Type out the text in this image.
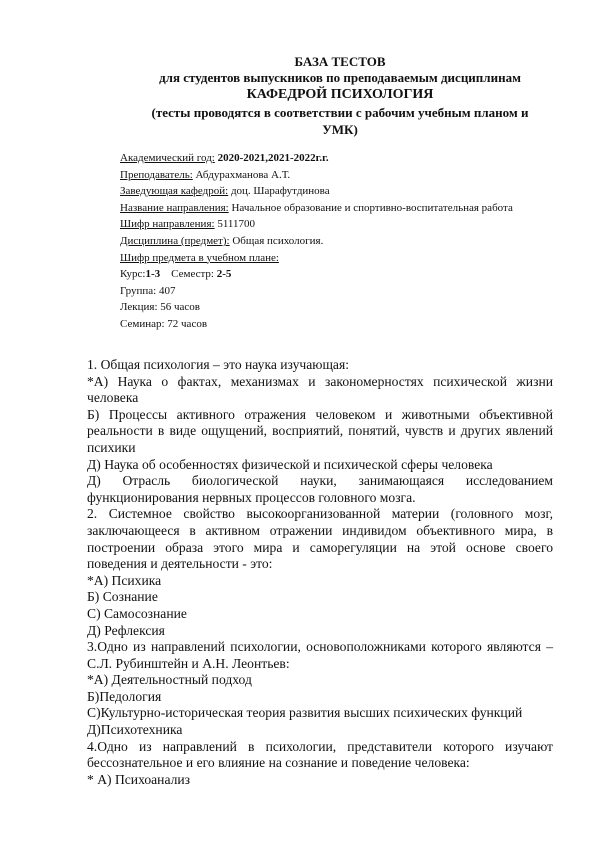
БАЗА ТЕСТОВ
для студентов выпускников по преподаваемым дисциплинам
КАФЕДРОЙ ПСИХОЛОГИЯ
(тесты проводятся в соответствии с рабочим учебным планом и
УМК)
Академический год: 2020-2021,2021-2022г.г.
Преподаватель: Абдурахманова А.Т.
Заведующая кафедрой: доц. Шарафутдинова
Название направления: Начальное образование и спортивно-воспитательная работа
Шифр направления: 5111700
Дисциплина (предмет): Общая психология.
Шифр предмета в учебном плане:
Курс:1-3 Семестр: 2-5
Группа: 407
Лекция: 56 часов
Семинар: 72 часов

1. Общая психология – это наука изучающая:

*А) Наука о фактах, механизмах и закономерностях психической жизни человека

Б) Процессы активного отражения человеком и животными объективной реальности в виде ощущений, восприятий, понятий, чувств и других явлений психики

Д) Наука об особенностях физической и психической сферы человека

Д) Отрасль биологической науки, занимающаяся исследованием функционирования нервных процессов головного мозга.

2. Системное свойство высокоорганизованной материи (головного мозг, заключающееся в активном отражении индивидом объективного мира, в построении образа этого мира и саморегуляции на этой основе своего поведения и деятельности - это:

*А) Психика

Б) Сознание

С) Самосознание

Д) Рефлексия

3.Одно из направлений психологии, основоположниками которого являются – С.Л. Рубинштейн и А.Н. Леонтьев:

*А) Деятельностный подход

Б)Педология

С)Культурно-историческая теория развития высших психических функций

Д)Психотехника

4.Одно из направлений в психологии, представители которого изучают бессознательное и его влияние на сознание и поведение человека:

* А) Психоанализ
